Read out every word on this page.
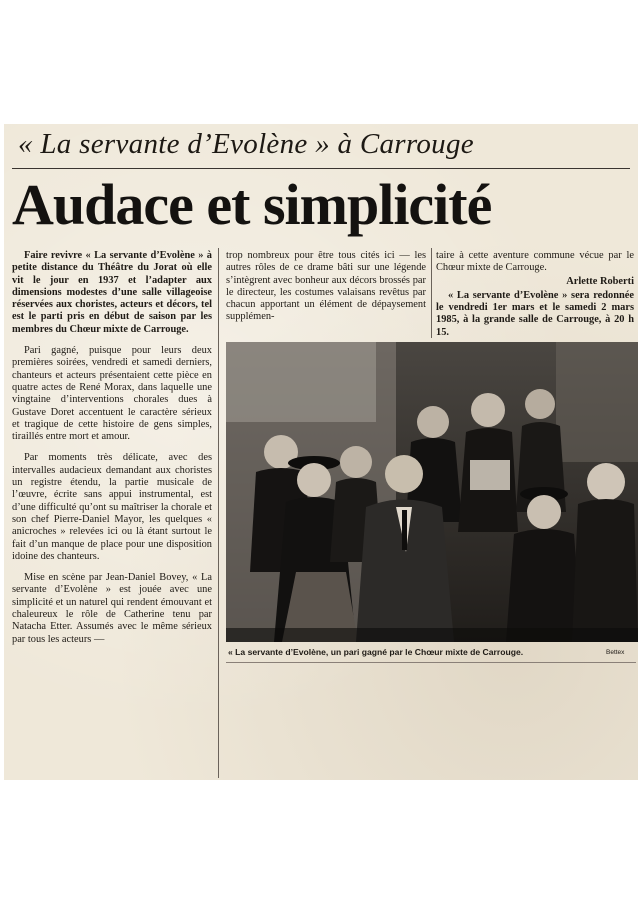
« La servante d’Evolène » à Carrouge
Audace et simplicité

Faire revivre « La servante d’Evolène » à petite distance du Théâtre du Jorat où elle vit le jour en 1937 et l’adapter aux dimensions modestes d’une salle villageoise réservées aux choristes, acteurs et décors, tel est le parti pris en début de saison par les membres du Chœur mixte de Carrouge.

Pari gagné, puisque pour leurs deux premières soirées, vendredi et samedi derniers, chanteurs et acteurs présentaient cette pièce en quatre actes de René Morax, dans laquelle une vingtaine d’interventions chorales dues à Gustave Doret accentuent le caractère sérieux et tragique de cette histoire de gens simples, tiraillés entre mort et amour.

Par moments très délicate, avec des intervalles audacieux demandant aux choristes un registre étendu, la partie musicale de l’œuvre, écrite sans appui instrumental, est d’une difficulté qu’ont su maîtriser la chorale et son chef Pierre-Daniel Mayor, les quelques « anicroches » relevées ici ou là étant surtout le fait d’un manque de place pour une disposition idoine des chanteurs.

Mise en scène par Jean-Daniel Bovey, « La servante d’Evolène » est jouée avec une simplicité et un naturel qui rendent émouvant et chaleureux le rôle de Catherine tenu par Natacha Etter. Assumés avec le même sérieux par tous les acteurs —

trop nombreux pour être tous cités ici — les autres rôles de ce drame bâti sur une légende s’intègrent avec bonheur aux décors brossés par le directeur, les costumes valaisans revêtus par chacun apportant un élément de dépaysement supplémen-

taire à cette aventure commune vécue par le Chœur mixte de Carrouge.

Arlette Roberti

« La servante d’Evolène » sera redonnée le vendredi 1er mars et le samedi 2 mars 1985, à la grande salle de Carrouge, à 20 h 15.

« La servante d’Evolène, un pari gagné par le Chœur mixte de Carrouge.	Bettex
